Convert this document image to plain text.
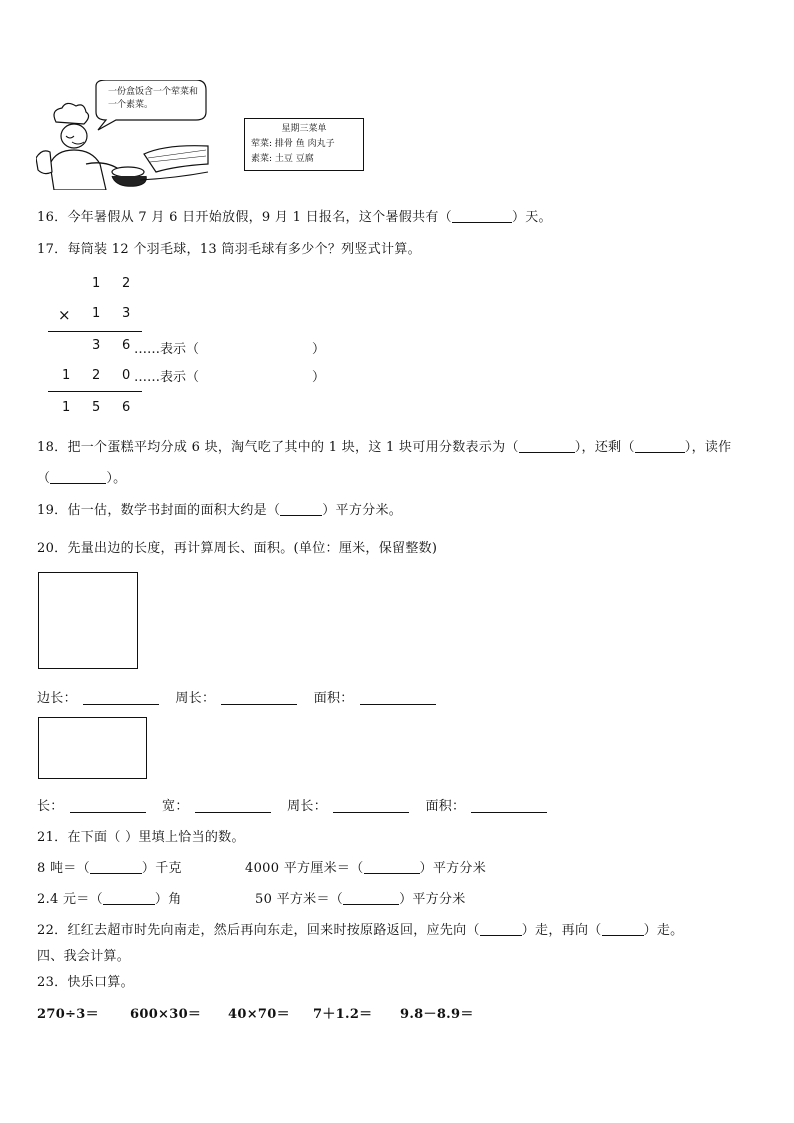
一份盒饭含一个荤菜和一个素菜。
星期三菜单
荤菜: 排骨 鱼 肉丸子
素菜: 土豆 豆腐
16．今年暑假从 7 月 6 日开始放假，9 月 1 日报名，这个暑假共有（	）天。
17．每筒装 12 个羽毛球，13 筒羽毛球有多少个？列竖式计算。
1 2
× 1 3
3 6 ……表示（	）
1 2 0 ……表示（	）
1 5 6
18．把一个蛋糕平均分成 6 块，淘气吃了其中的 1 块，这 1 块可用分数表示为（	），还剩（	），读作
（	）。
19．估一估，数学书封面的面积大约是（	）平方分米。
20．先量出边的长度，再计算周长、面积。(单位：厘米，保留整数)
边长：	周长：	面积：
长：	宽：	周长：	面积：
21．在下面（ ）里填上恰当的数。
8 吨＝（	）千克	4000 平方厘米＝（	）平方分米
2.4 元＝（	）角	50 平方米＝（	）平方分米
22．红红去超市时先向南走，然后再向东走，回来时按原路返回，应先向（	）走，再向（	）走。
四、我会计算。
23．快乐口算。
270÷3＝ 600×30＝ 40×70＝ 7＋1.2＝ 9.8－8.9＝
